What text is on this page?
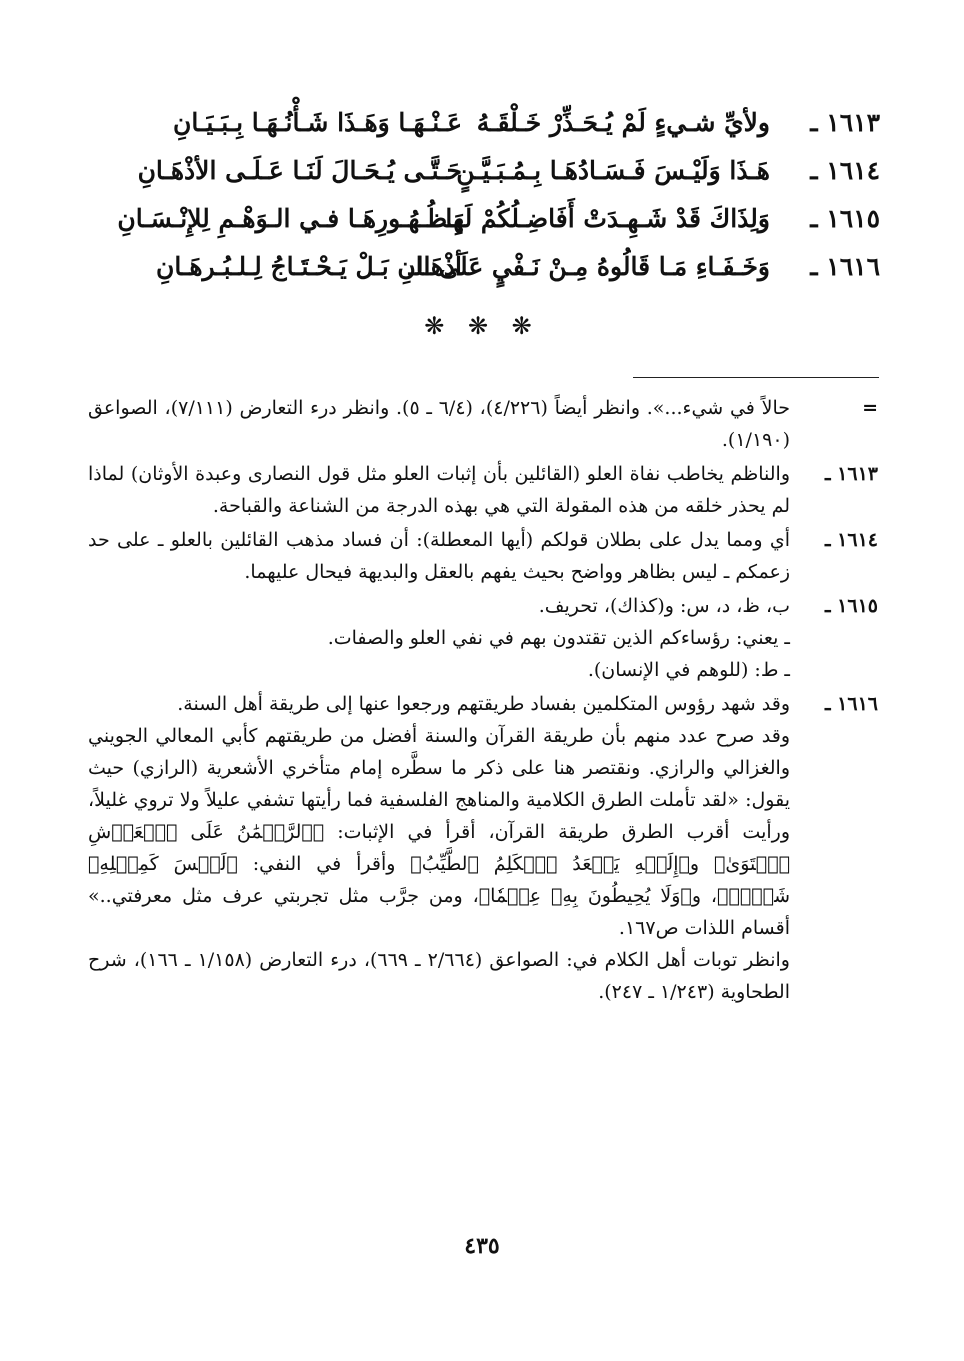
١٦١٣ ـ
ولأيِّ شـيءٍ لَمْ يُـحَـذِّرْ خَـلْقَـهُ
عَـنْـهَـا وَهَـذَا شَـأْنُـهَـا بِـبَـيَـانِ
١٦١٤ ـ
هَـذَا وَلَيْـسَ فَـسَـادُهَـا بِـمُـبَـيَّـنٍ
حَـتَّـى يُـحَـالَ لَنَـا عَـلَـى الأذْهَـانِ
١٦١٥ ـ
وَلِذَاكَ قَدْ شَـهِـدَتْ أَفَاضِـلُكُمْ لَهَا
بِـظُـهُـورِهَـا فـي الـوَهْـمِ لِلإِنْـسَـانِ
١٦١٦ ـ
وَخَـفَـاءِ مَـا قَالُوهُ مِـنْ نَـفْيٍ عَلَى الـ
أذْهَـانِ بَـلْ يَـحْـتَـاجُ لِـلـبُـرهَـانِ
❋ ❋ ❋
=

حالاً في شيء...». وانظر أيضاً (٤/٢٢٦)، (٦/٤ ـ ٥). وانظر درء التعارض (٧/١١١)، الصواعق (١/١٩٠).

١٦١٣ ـ

والناظم يخاطب نفاة العلو (القائلين بأن إثبات العلو مثل قول النصارى وعبدة الأوثان) لماذا لم يحذر خلقه من هذه المقولة التي هي بهذه الدرجة من الشناعة والقباحة.

١٦١٤ ـ

أي ومما يدل على بطلان قولكم (أيها المعطلة): أن فساد مذهب القائلين بالعلو ـ على حد زعمكم ـ ليس بظاهر وواضح بحيث يفهم بالعقل والبديهة فيحال عليهما.

١٦١٥ ـ

ب، ظ، د، س: و(كذاك)، تحريف.

ـ يعني: رؤساءكم الذين تقتدون بهم في نفي العلو والصفات.

ـ ط: (للوهم في الإنسان).

١٦١٦ ـ

وقد شهد رؤوس المتكلمين بفساد طريقتهم ورجعوا عنها إلى طريقة أهل السنة.

وقد صرح عدد منهم بأن طريقة القرآن والسنة أفضل من طريقتهم كأبي المعالي الجويني والغزالي والرازي. ونقتصر هنا على ذكر ما سطَّره إمام متأخري الأشعرية (الرازي) حيث يقول: «لقد تأملت الطرق الكلامية والمناهج الفلسفية فما رأيتها تشفي عليلاً ولا تروي غليلاً، ورأيت أقرب الطرق طريقة القرآن، أقرأ في الإثبات: ﴿ٱلرَّحۡمَٰنُ عَلَى ٱلۡعَرۡشِ ٱسۡتَوَىٰ﴾ و﴿إِلَيۡهِ يَصۡعَدُ ٱلۡكَلِمُ ٱلطَّيِّبُ﴾ وأقرأ في النفي: ﴿لَيۡسَ كَمِثۡلِهِۦ شَيۡءٞ﴾، و﴿وَلَا يُحِيطُونَ بِهِۦ عِلۡمٗا﴾، ومن جرَّب مثل تجربتي عرف مثل معرفتي..» أقسام اللذات ص١٦٧.

وانظر توبات أهل الكلام في: الصواعق (٢/٦٦٤ ـ ٦٦٩)، درء التعارض (١/١٥٨ ـ ١٦٦)، شرح الطحاوية (١/٢٤٣ ـ ٢٤٧).

٤٣٥
